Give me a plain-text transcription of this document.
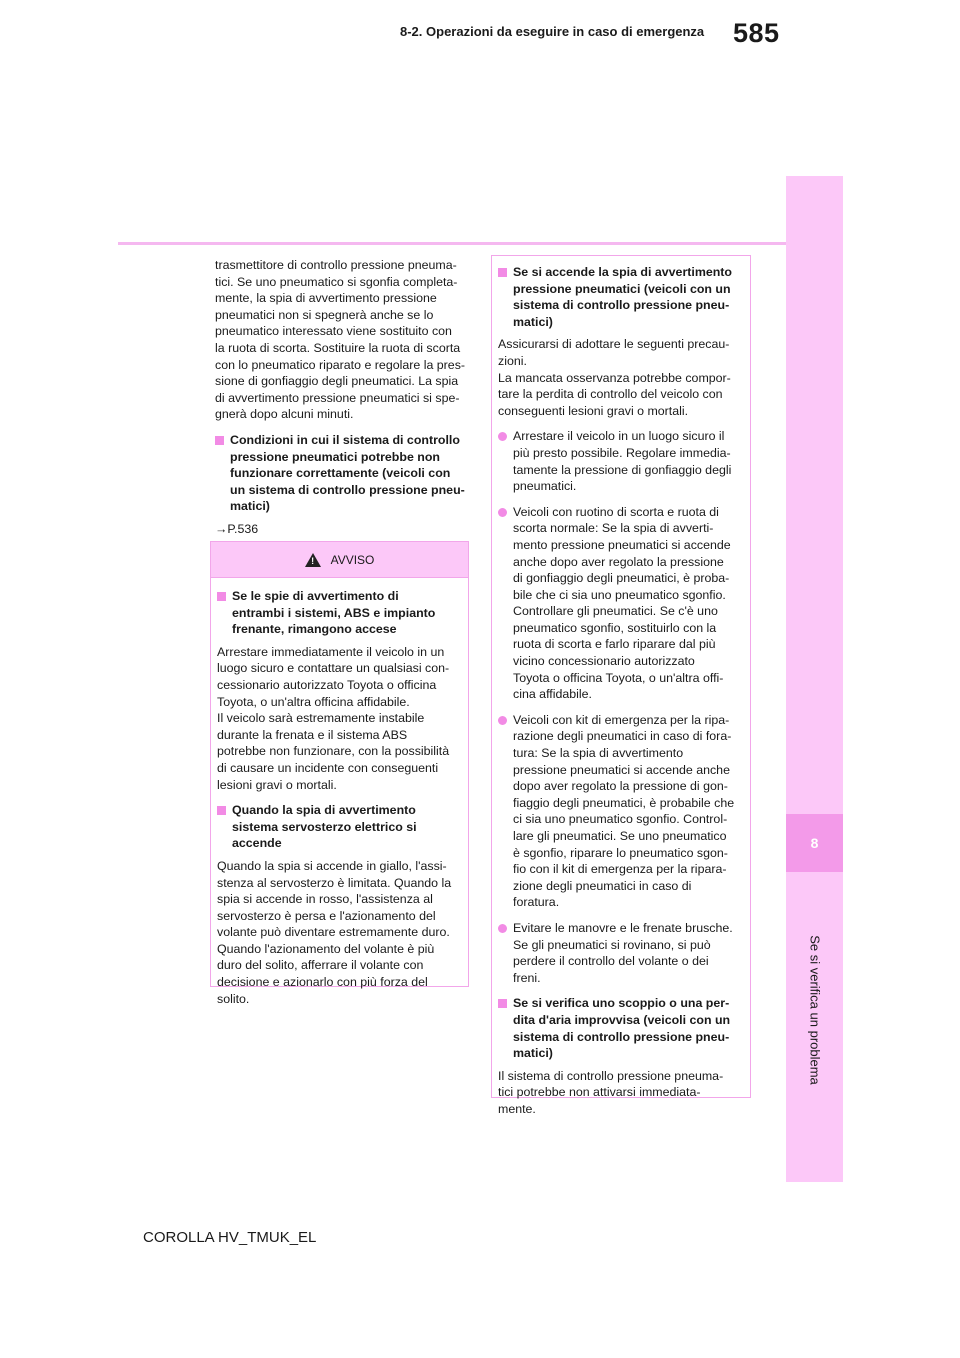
585
8-2. Operazioni da eseguire in caso di emergenza
8
Se si verifica un problema

trasmettitore di controllo pressione pneuma-
tici. Se uno pneumatico si sgonfia completa-
mente, la spia di avvertimento pressione
pneumatici non si spegnerà anche se lo
pneumatico interessato viene sostituito con
la ruota di scorta. Sostituire la ruota di scorta
con lo pneumatico riparato e regolare la pres-
sione di gonfiaggio degli pneumatici. La spia
di avvertimento pressione pneumatici si spe-
gnerà dopo alcuni minuti.

Condizioni in cui il sistema di controllo
pressione pneumatici potrebbe non
funzionare correttamente (veicoli con
un sistema di controllo pressione pneu-
matici)

→P.536

! AVVISO
Se le spie di avvertimento di
entrambi i sistemi, ABS e impianto
frenante, rimangono accese

Arrestare immediatamente il veicolo in un
luogo sicuro e contattare un qualsiasi con-
cessionario autorizzato Toyota o officina
Toyota, o un'altra officina affidabile.
Il veicolo sarà estremamente instabile
durante la frenata e il sistema ABS
potrebbe non funzionare, con la possibilità
di causare un incidente con conseguenti
lesioni gravi o mortali.

Quando la spia di avvertimento
sistema servosterzo elettrico si
accende

Quando la spia si accende in giallo, l'assi-
stenza al servosterzo è limitata. Quando la
spia si accende in rosso, l'assistenza al
servosterzo è persa e l'azionamento del
volante può diventare estremamente duro.
Quando l'azionamento del volante è più
duro del solito, afferrare il volante con
decisione e azionarlo con più forza del
solito.

Se si accende la spia di avvertimento
pressione pneumatici (veicoli con un
sistema di controllo pressione pneu-
matici)

Assicurarsi di adottare le seguenti precau-
zioni.
La mancata osservanza potrebbe compor-
tare la perdita di controllo del veicolo con
conseguenti lesioni gravi o mortali.

Arrestare il veicolo in un luogo sicuro il
più presto possibile. Regolare immedia-
tamente la pressione di gonfiaggio degli
pneumatici.
Veicoli con ruotino di scorta e ruota di
scorta normale: Se la spia di avverti-
mento pressione pneumatici si accende
anche dopo aver regolato la pressione
di gonfiaggio degli pneumatici, è proba-
bile che ci sia uno pneumatico sgonfio.
Controllare gli pneumatici. Se c'è uno
pneumatico sgonfio, sostituirlo con la
ruota di scorta e farlo riparare dal più
vicino concessionario autorizzato
Toyota o officina Toyota, o un'altra offi-
cina affidabile.
Veicoli con kit di emergenza per la ripa-
razione degli pneumatici in caso di fora-
tura: Se la spia di avvertimento
pressione pneumatici si accende anche
dopo aver regolato la pressione di gon-
fiaggio degli pneumatici, è probabile che
ci sia uno pneumatico sgonfio. Control-
lare gli pneumatici. Se uno pneumatico
è sgonfio, riparare lo pneumatico sgon-
fio con il kit di emergenza per la ripara-
zione degli pneumatici in caso di
foratura.
Evitare le manovre e le frenate brusche.
Se gli pneumatici si rovinano, si può
perdere il controllo del volante o dei
freni.
Se si verifica uno scoppio o una per-
dita d'aria improvvisa (veicoli con un
sistema di controllo pressione pneu-
matici)

Il sistema di controllo pressione pneuma-
tici potrebbe non attivarsi immediata-
mente.

COROLLA HV_TMUK_EL
